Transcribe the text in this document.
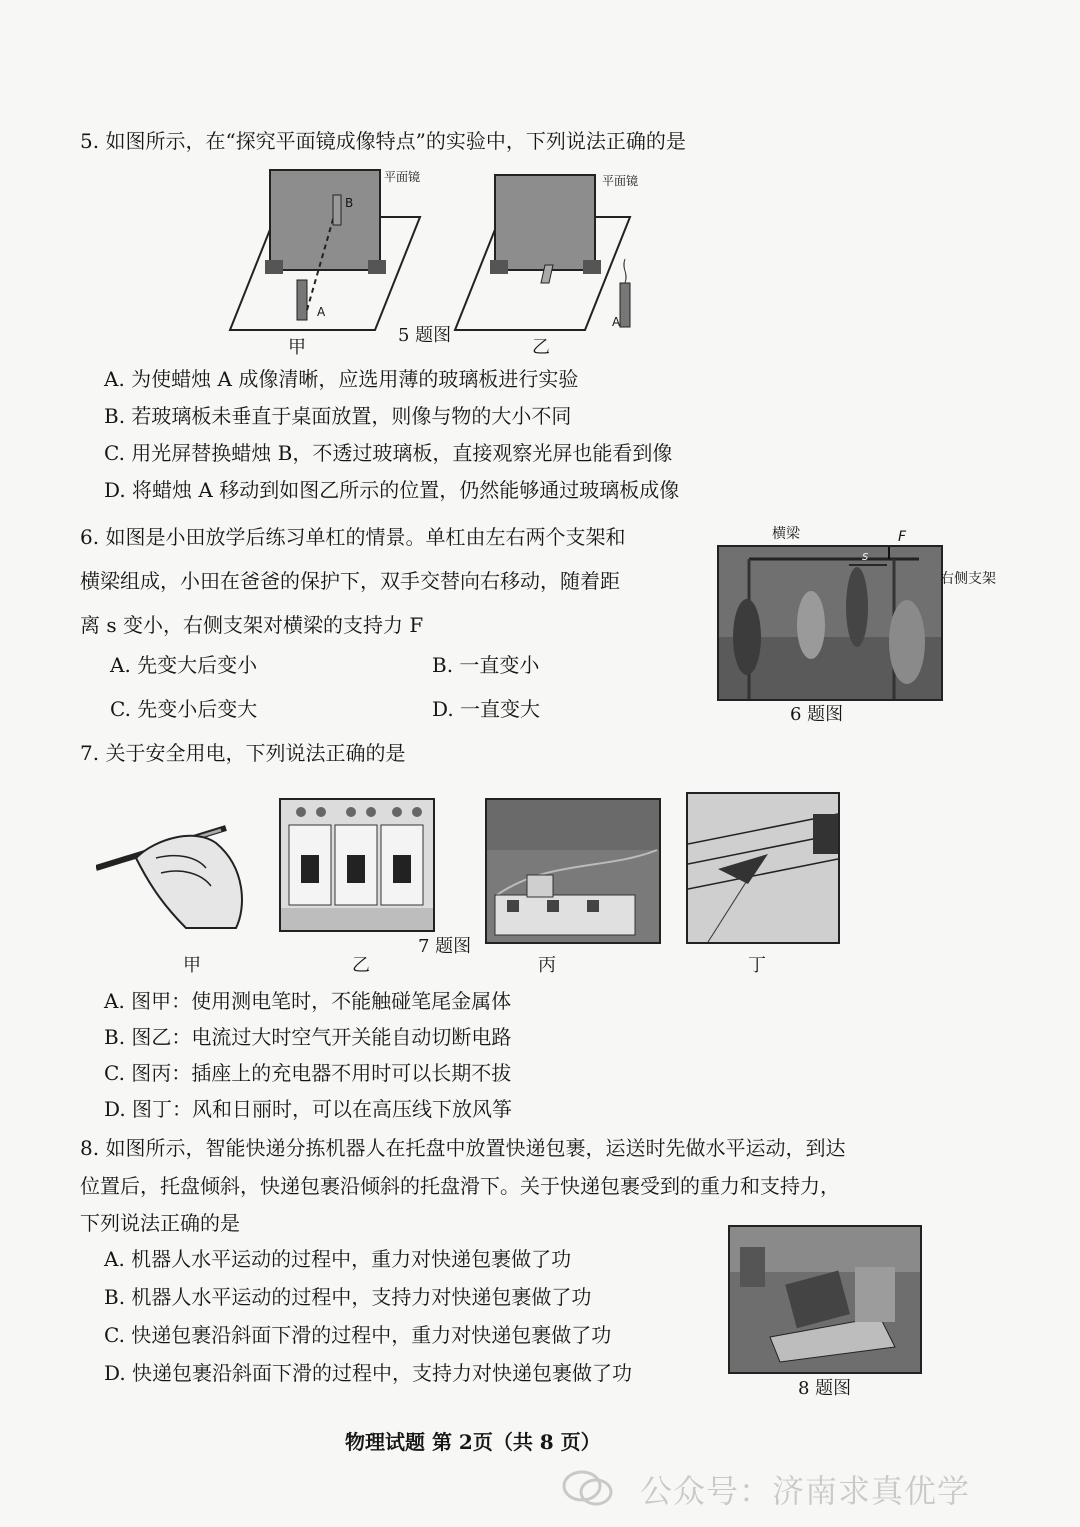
5. 如图所示，在“探究平面镜成像特点”的实验中，下列说法正确的是
平面镜	平面镜
B
A
A
甲
5 题图
乙
A. 为使蜡烛 A 成像清晰，应选用薄的玻璃板进行实验
B. 若玻璃板未垂直于桌面放置，则像与物的大小不同
C. 用光屏替换蜡烛 B，不透过玻璃板，直接观察光屏也能看到像
D. 将蜡烛 A 移动到如图乙所示的位置，仍然能够通过玻璃板成像
6. 如图是小田放学后练习单杠的情景。单杠由左右两个支架和
横梁组成，小田在爸爸的保护下，双手交替向右移动，随着距
离 s 变小，右侧支架对横梁的支持力 F
A. 先变大后变小	B. 一直变小
C. 先变小后变大	D. 一直变大
横梁	F
s
右侧支架
6 题图
7. 关于安全用电，下列说法正确的是
7 题图
甲	乙	丙	丁
A. 图甲：使用测电笔时，不能触碰笔尾金属体
B. 图乙：电流过大时空气开关能自动切断电路
C. 图丙：插座上的充电器不用时可以长期不拔
D. 图丁：风和日丽时，可以在高压线下放风筝
8. 如图所示，智能快递分拣机器人在托盘中放置快递包裹，运送时先做水平运动，到达
位置后，托盘倾斜，快递包裹沿倾斜的托盘滑下。关于快递包裹受到的重力和支持力，
下列说法正确的是
A. 机器人水平运动的过程中，重力对快递包裹做了功
B. 机器人水平运动的过程中，支持力对快递包裹做了功
C. 快递包裹沿斜面下滑的过程中，重力对快递包裹做了功
D. 快递包裹沿斜面下滑的过程中，支持力对快递包裹做了功
8 题图
物理试题 第 2页（共 8 页）
公众号：济南求真优学
